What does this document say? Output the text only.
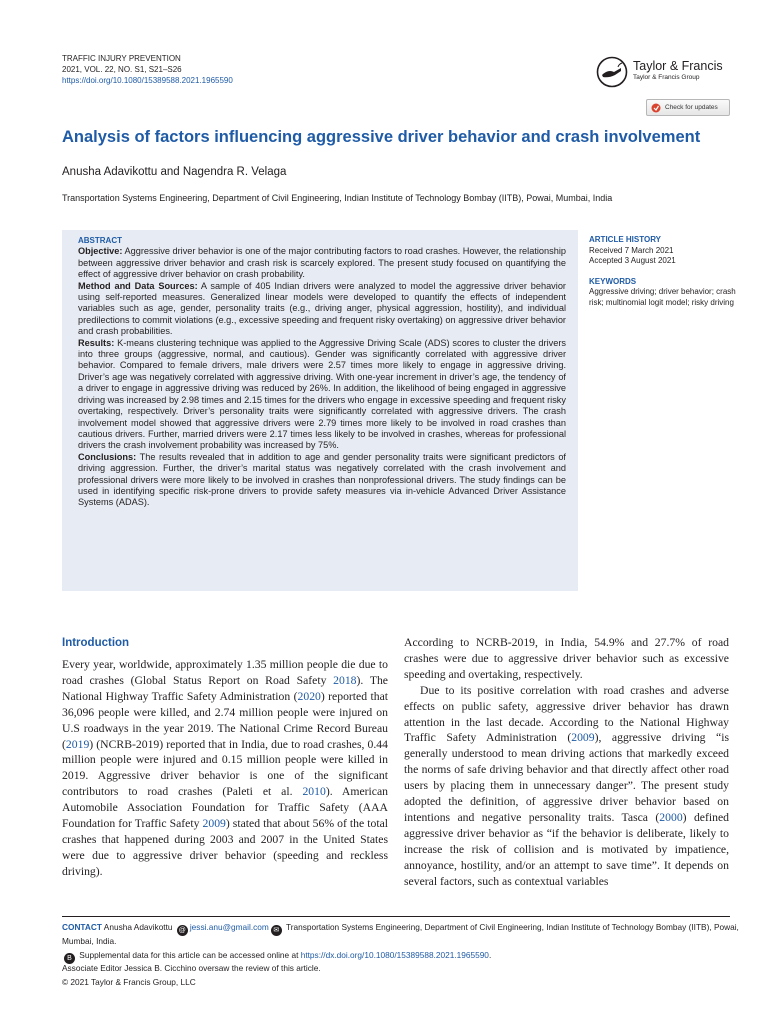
TRAFFIC INJURY PREVENTION
2021, VOL. 22, NO. S1, S21–S26
https://doi.org/10.1080/15389588.2021.1965590
Taylor & Francis
Taylor & Francis Group
Check for updates
Analysis of factors influencing aggressive driver behavior and crash involvement
Anusha Adavikottu and Nagendra R. Velaga
Transportation Systems Engineering, Department of Civil Engineering, Indian Institute of Technology Bombay (IITB), Powai, Mumbai, India
ABSTRACT

Objective: Aggressive driver behavior is one of the major contributing factors to road crashes. However, the relationship between aggressive driver behavior and crash risk is scarcely explored. The present study focused on quantifying the effect of aggressive driver behavior on crash probability.

Method and Data Sources: A sample of 405 Indian drivers were analyzed to model the aggressive driver behavior using self-reported measures. Generalized linear models were developed to quantify the effects of independent variables such as age, gender, personality traits (e.g., driving anger, physical aggression, hostility), and individual predilections to commit violations (e.g., excessive speeding and frequent risky overtaking) on aggressive driver behavior and crash probabilities.

Results: K-means clustering technique was applied to the Aggressive Driving Scale (ADS) scores to cluster the drivers into three groups (aggressive, normal, and cautious). Gender was significantly correlated with aggressive driver behavior. Compared to female drivers, male drivers were 2.57 times more likely to engage in aggressive driving. Driver’s age was negatively correlated with aggressive driving. With one-year increment in driver’s age, the tendency of a driver to engage in aggressive driving was reduced by 26%. In addition, the likelihood of being engaged in aggressive driving was increased by 2.98 times and 2.15 times for the drivers who engage in excessive speeding and frequent risky overtaking, respectively. Driver’s personality traits were significantly correlated with aggressive drivers. The crash involvement model showed that aggressive drivers were 2.79 times more likely to be involved in road crashes than cautious drivers. Further, married drivers were 2.17 times less likely to be involved in crashes, whereas for professional drivers the crash involvement probability was increased by 75%.

Conclusions: The results revealed that in addition to age and gender personality traits were significant predictors of driving aggression. Further, the driver’s marital status was negatively correlated with the crash involvement and professional drivers were more likely to be involved in crashes than nonprofessional drivers. The study findings can be used in identifying specific risk-prone drivers to provide safety measures via in-vehicle Advanced Driver Assistance Systems (ADAS).

ARTICLE HISTORY
Received 7 March 2021
Accepted 3 August 2021
KEYWORDS
Aggressive driving; driver behavior; crash risk; multinomial logit model; risky driving
Introduction

Every year, worldwide, approximately 1.35 million people die due to road crashes (Global Status Report on Road Safety 2018). The National Highway Traffic Safety Administration (2020) reported that 36,096 people were killed, and 2.74 million people were injured on U.S roadways in the year 2019. The National Crime Record Bureau (2019) (NCRB-2019) reported that in India, due to road crashes, 0.44 million people were injured and 0.15 million people were killed in 2019. Aggressive driver behavior is one of the significant contributors to road crashes (Paleti et al. 2010). American Automobile Association Foundation for Traffic Safety (AAA Foundation for Traffic Safety 2009) stated that about 56% of the total crashes that happened during 2003 and 2007 in the United States were due to aggressive driver behavior (speeding and reckless driving).

According to NCRB-2019, in India, 54.9% and 27.7% of road crashes were due to aggressive driver behavior such as excessive speeding and overtaking, respectively.

Due to its positive correlation with road crashes and adverse effects on public safety, aggressive driver behavior has drawn attention in the last decade. According to the National Highway Traffic Safety Administration (2009), aggressive driving “is generally understood to mean driving actions that markedly exceed the norms of safe driving behavior and that directly affect other road users by placing them in unnecessary danger”. The present study adopted the definition, of aggressive driver behavior based on intentions and negative personality traits. Tasca (2000) defined aggressive driver behavior as “if the behavior is deliberate, likely to increase the risk of collision and is motivated by impatience, annoyance, hostility, and/or an attempt to save time”. It depends on several factors, such as contextual variables

CONTACT Anusha Adavikottu @ jessi.anu@gmail.com ✉ Transportation Systems Engineering, Department of Civil Engineering, Indian Institute of Technology Bombay (IITB), Powai, Mumbai, India.
B Supplemental data for this article can be accessed online at https://dx.doi.org/10.1080/15389588.2021.1965590.
Associate Editor Jessica B. Cicchino oversaw the review of this article.
© 2021 Taylor & Francis Group, LLC
